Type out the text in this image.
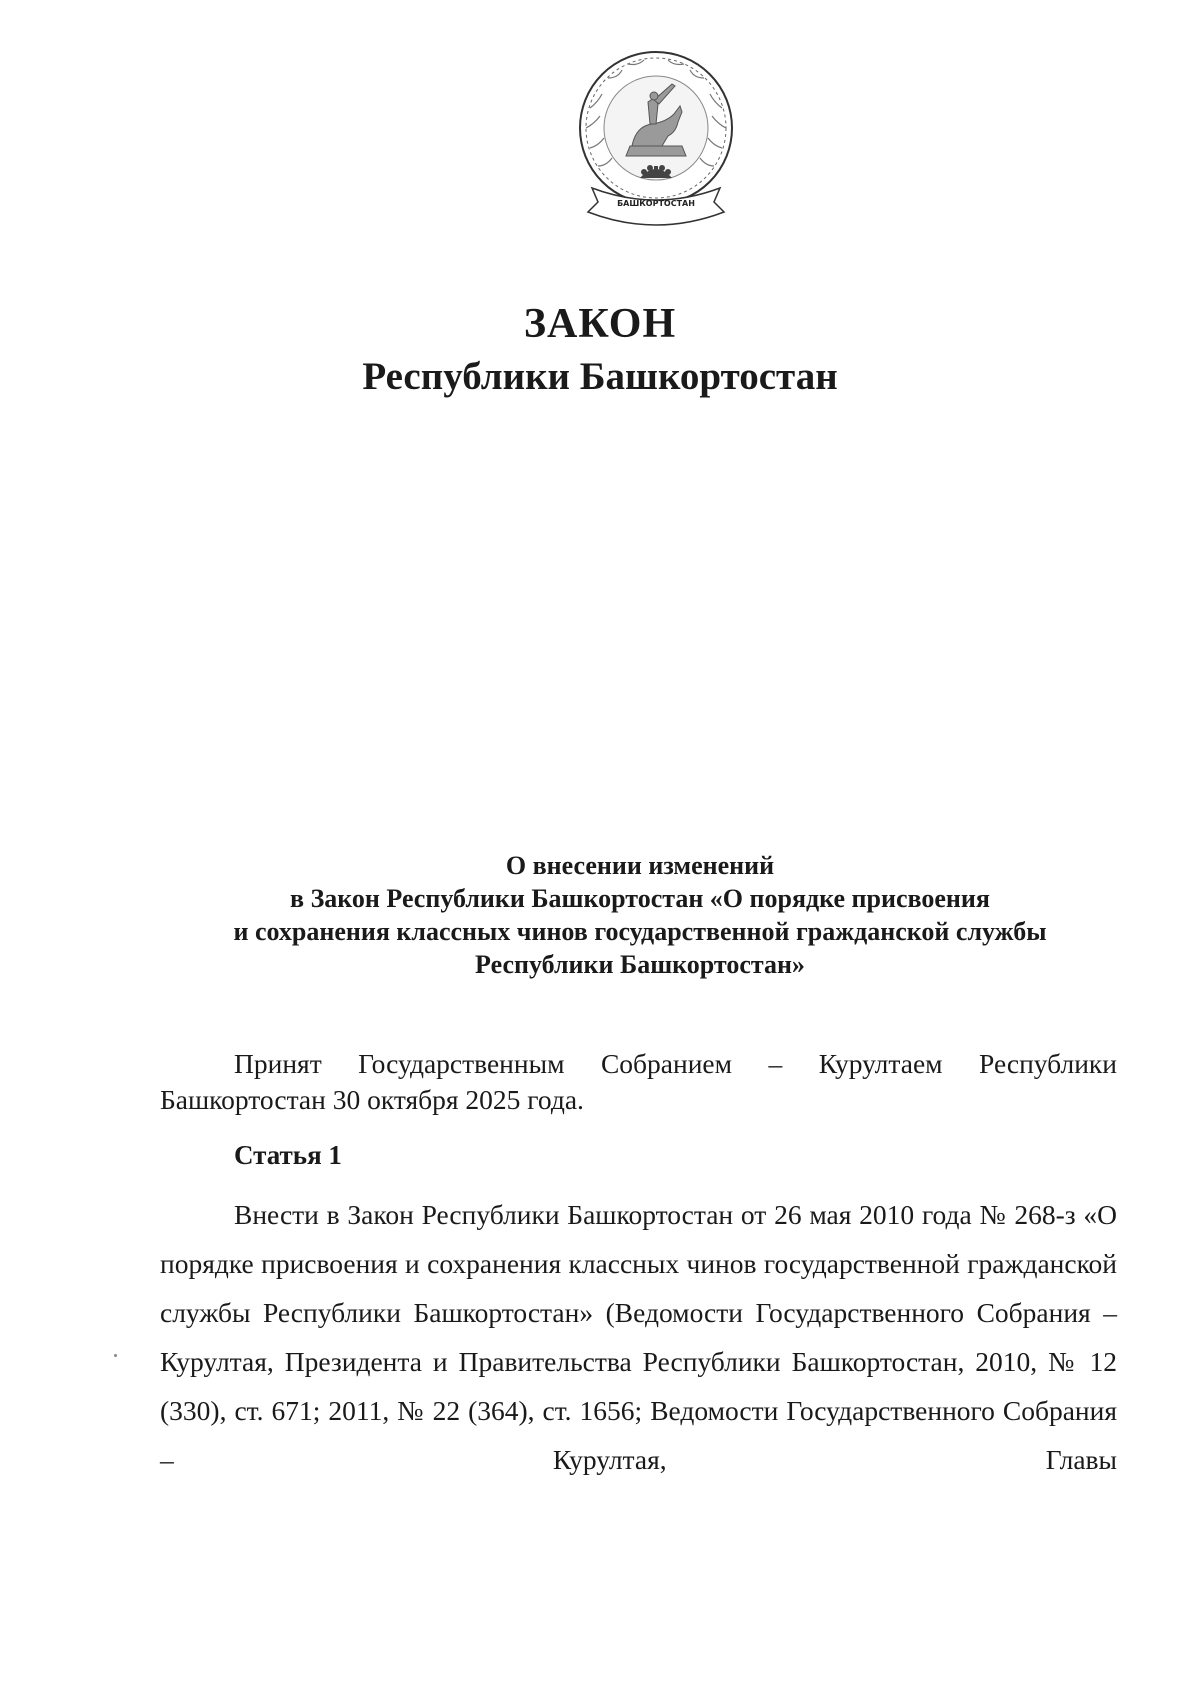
БАШКОРТОСТАН
ЗАКОН
Республики Башкортостан
О внесении изменений
в Закон Республики Башкортостан «О порядке присвоения
и сохранения классных чинов государственной гражданской службы
Республики Башкортостан»

Принят Государственным Собранием – Курултаем Республики Башкортостан 30 октября 2025 года.

Статья 1

Внести в Закон Республики Башкортостан от 26 мая 2010 года № 268-з «О порядке присвоения и сохранения классных чинов государственной гражданской службы Республики Башкортостан» (Ведомости Государственного Собрания – Курултая, Президента и Правительства Республики Башкортостан, 2010, № 12 (330), ст. 671; 2011, № 22 (364), ст. 1656; Ведомости Государственного Собрания – Курултая, Главы
